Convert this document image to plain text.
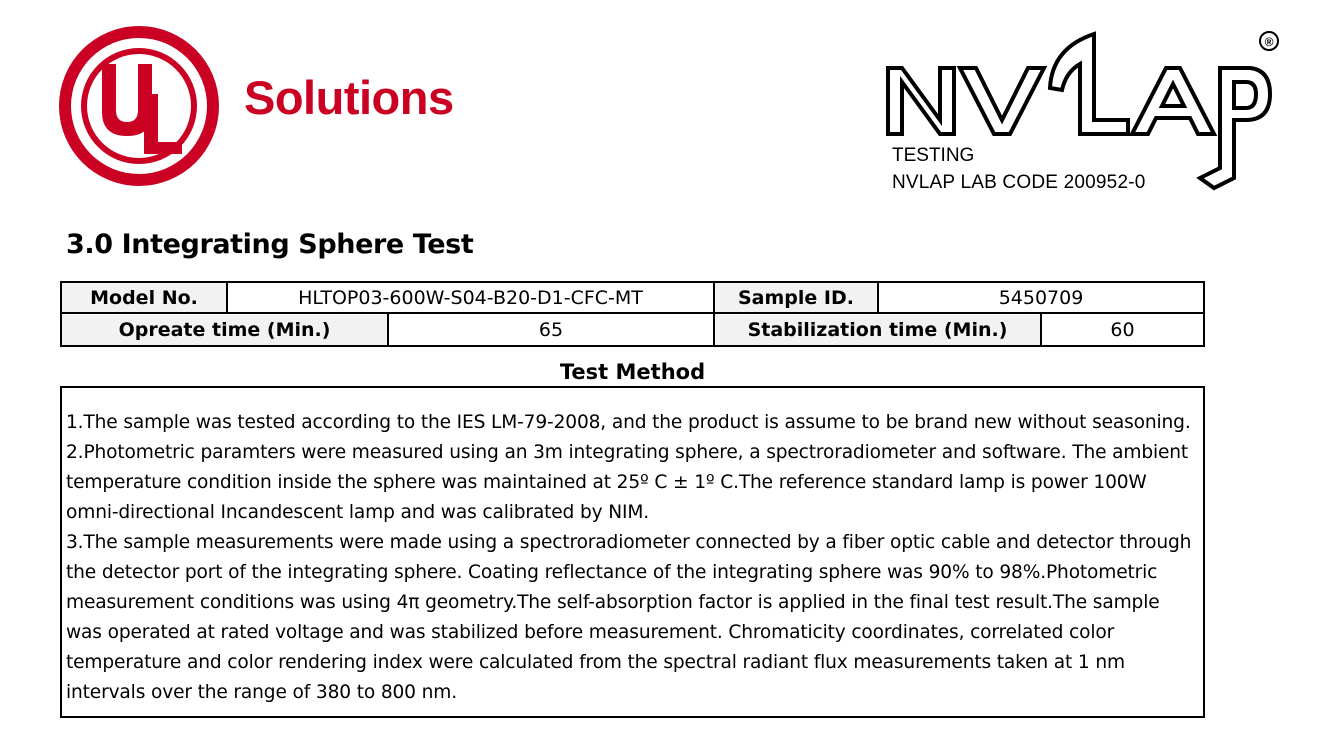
Solutions
®
TESTING
NVLAP LAB CODE 200952-0
3.0 Integrating Sphere Test
Model No.	HLTOP03-600W-S04-B20-D1-CFC-MT	Sample ID.	5450709
Opreate time (Min.)	65	Stabilization time (Min.)	60
Test Method

1.The sample was tested according to the IES LM-79-2008, and the product is assume to be brand new without seasoning.

2.Photometric paramters were measured using an 3m integrating sphere, a spectroradiometer and software. The ambient temperature condition inside the sphere was maintained at 25º C ± 1º C.The reference standard lamp is power 100W omni-directional Incandescent lamp and was calibrated by NIM.

3.The sample measurements were made using a spectroradiometer connected by a fiber optic cable and detector through the detector port of the integrating sphere. Coating reflectance of the integrating sphere was 90% to 98%.Photometric measurement conditions was using 4π geometry.The self-absorption factor is applied in the final test result.The sample was operated at rated voltage and was stabilized before measurement. Chromaticity coordinates, correlated color temperature and color rendering index were calculated from the spectral radiant flux measurements taken at 1 nm intervals over the range of 380 to 800 nm.
